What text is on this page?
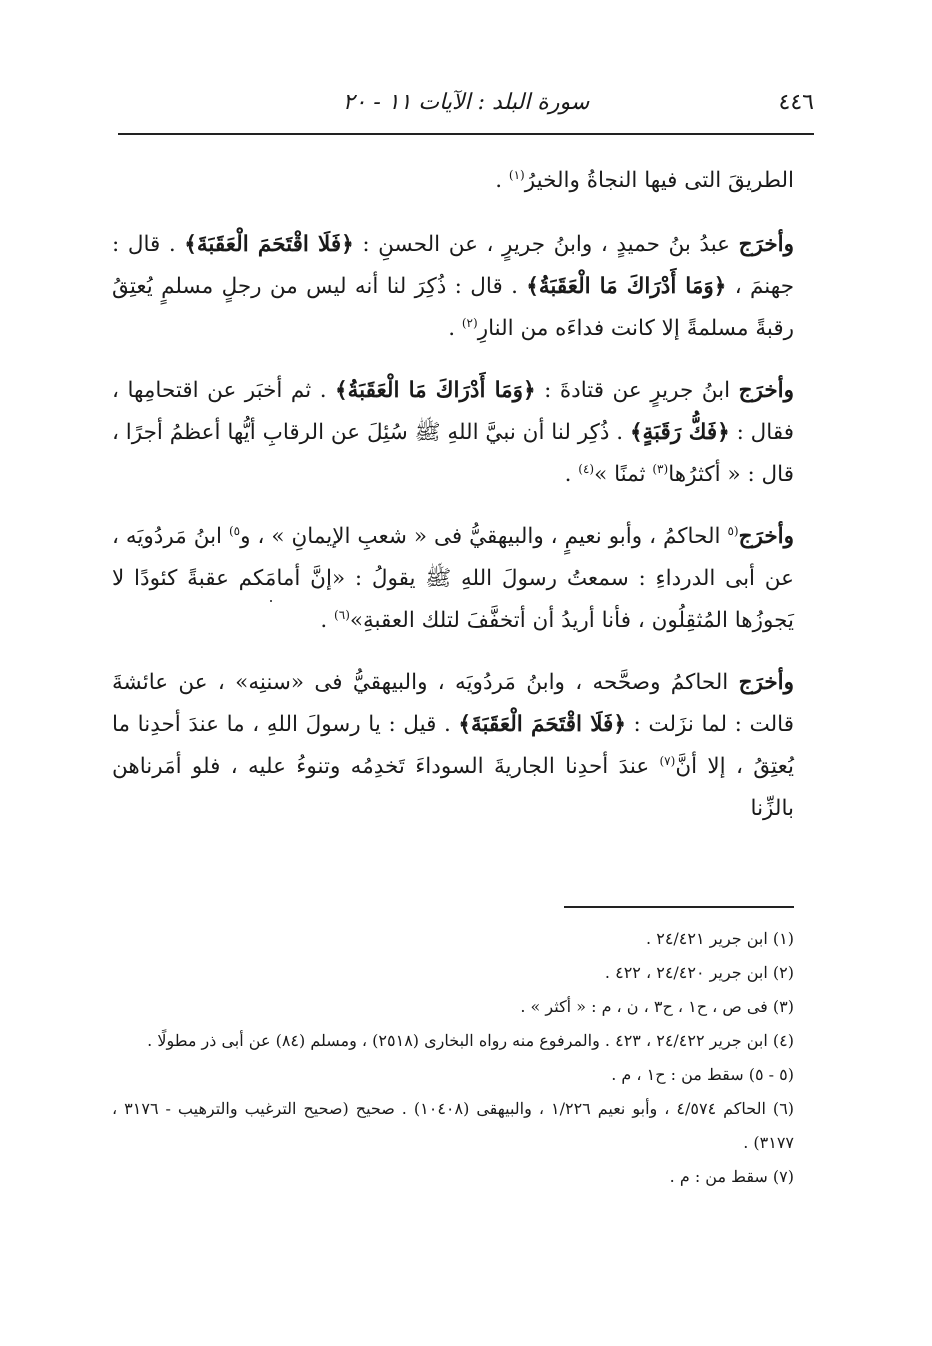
٤٤٦
سورة البلد : الآيات ١١ - ٢٠

الطريقَ التى فيها النجاةُ والخيرُ$^{(١)}$ .

وأخرَج عبدُ بنُ حميدٍ ، وابنُ جريرٍ ، عن الحسنِ : ﴿فَلَا اقْتَحَمَ الْعَقَبَةَ﴾ . قال : جهنمَ ، ﴿وَمَا أَدْرَاكَ مَا الْعَقَبَةُ﴾ . قال : ذُكِرَ لنا أنه ليس من رجلٍ مسلمٍ يُعتِقُ رقبةً مسلمةً إلا كانت فداءَه من النارِ$^{(٢)}$ .

وأخرَج ابنُ جريرٍ عن قتادةَ : ﴿وَمَا أَدْرَاكَ مَا الْعَقَبَةُ﴾ . ثم أخبَر عن اقتحامِها ، فقال : ﴿فَكُّ رَقَبَةٍ﴾ . ذُكِر لنا أن نبيَّ اللهِ ﷺ سُئِلَ عن الرقابِ أيُّها أعظمُ أجرًا ، قال : « أكثرُها$^{(٣)}$ ثمنًا »$^{(٤)}$ .

وأخرَج$^{(٥}$ الحاكمُ ، وأبو نعيمٍ ، والبيهقيُّ فى « شعبِ الإيمانِ » ، و$^{٥)}$ ابنُ مَردُويَه ، عن أبى الدرداءِ : سمعتُ رسولَ اللهِ ﷺ يقولُ : «إنَّ أمامَكم عقبةً كئودًا لا يَجوزُها المُثقِلُون ، فأنا أريدُ أن أتخفَّفَ لتلك العقبةِ»$^{(٦)}$ .

وأخرَج الحاكمُ وصحَّحه ، وابنُ مَردُويَه ، والبيهقيُّ فى «سننِه» ، عن عائشةَ قالت : لما نزَلت : ﴿فَلَا اقْتَحَمَ الْعَقَبَةَ﴾ . قيل : يا رسولَ اللهِ ، ما عندَ أحدِنا ما يُعتِقُ ، إلا أنَّ$^{(٧)}$ عندَ أحدِنا الجاريةَ السوداءَ تَخدِمُه وتنوءُ عليه ، فلو أمَرناهن بالزِّنا

(١) ابن جرير ٢٤/٤٢١ .

(٢) ابن جرير ٢٤/٤٢٠ ، ٤٢٢ .

(٣) فى ص ، ح١ ، ح٣ ، ن ، م : « أكثر » .

(٤) ابن جرير ٢٤/٤٢٢ ، ٤٢٣ . والمرفوع منه رواه البخارى (٢٥١٨) ، ومسلم (٨٤) عن أبى ذر مطولًا .

(٥ - ٥) سقط من : ح١ ، م .

(٦) الحاكم ٤/٥٧٤ ، وأبو نعيم ١/٢٢٦ ، والبيهقى (١٠٤٠٨) . صحيح (صحيح الترغيب والترهيب - ٣١٧٦ ، ٣١٧٧) .

(٧) سقط من : م .
